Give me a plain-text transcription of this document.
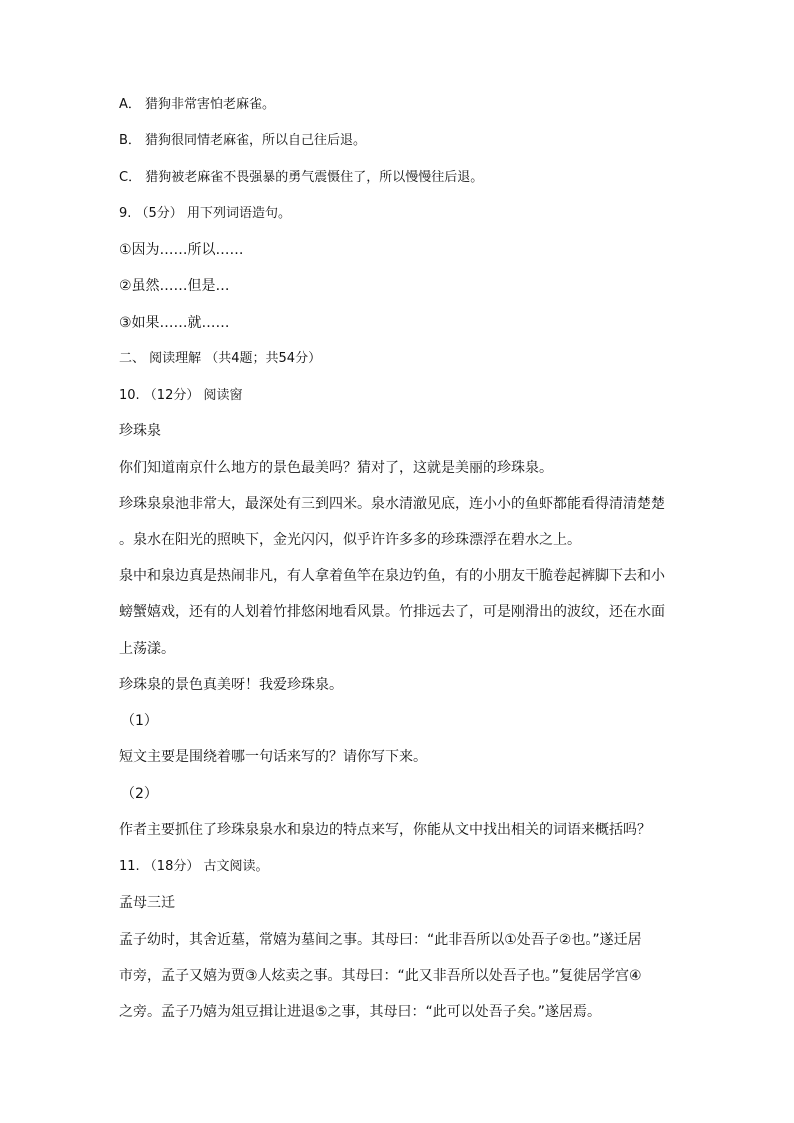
A． 猎狗非常害怕老麻雀。
B． 猎狗很同情老麻雀，所以自己往后退。
C． 猎狗被老麻雀不畏强暴的勇气震慑住了，所以慢慢往后退。
9. （5分） 用下列词语造句。
①因为……所以……
②虽然……但是…
③如果……就……
二、 阅读理解 （共4题；共54分）
10. （12分） 阅读窗
珍珠泉
你们知道南京什么地方的景色最美吗？猜对了，这就是美丽的珍珠泉。
珍珠泉泉池非常大，最深处有三到四米。泉水清澈见底，连小小的鱼虾都能看得清清楚楚
。泉水在阳光的照映下，金光闪闪，似乎许许多多的珍珠漂浮在碧水之上。
泉中和泉边真是热闹非凡，有人拿着鱼竿在泉边钓鱼，有的小朋友干脆卷起裤脚下去和小
螃蟹嬉戏，还有的人划着竹排悠闲地看风景。竹排远去了，可是刚滑出的波纹，还在水面
上荡漾。
珍珠泉的景色真美呀！我爱珍珠泉。
（1）
短文主要是围绕着哪一句话来写的？请你写下来。
（2）
作者主要抓住了珍珠泉泉水和泉边的特点来写，你能从文中找出相关的词语来概括吗？
11. （18分） 古文阅读。
孟母三迁
孟子幼时，其舍近墓，常嬉为墓间之事。其母曰：“此非吾所以①处吾子②也。”遂迁居
市旁，孟子又嬉为贾③人炫卖之事。其母曰：“此又非吾所以处吾子也。”复徙居学宫④
之旁。孟子乃嬉为俎豆揖让进退⑤之事，其母曰：“此可以处吾子矣。”遂居焉。
